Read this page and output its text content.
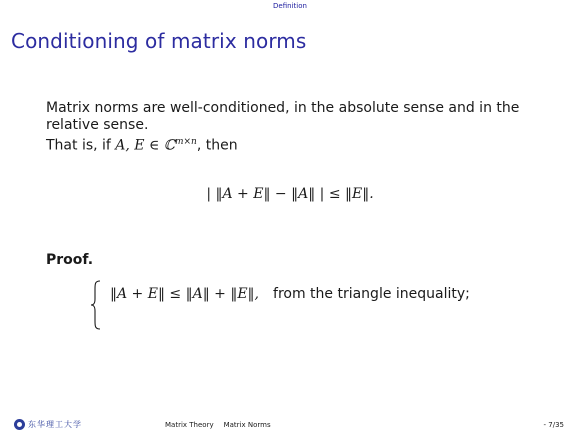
Definition
Conditioning of matrix norms
Matrix norms are well-conditioned, in the absolute sense and in the
relative sense.
That is, if A, E ∈ ℂ$^{m\times n}$, then
| ‖A + E‖ − ‖A‖ | ≤ ‖E‖.
Proof.
‖A + E‖ ≤ ‖A‖ + ‖E‖, from the triangle inequality;
东华理工大学	Matrix Theory Matrix Norms	- 7/35
